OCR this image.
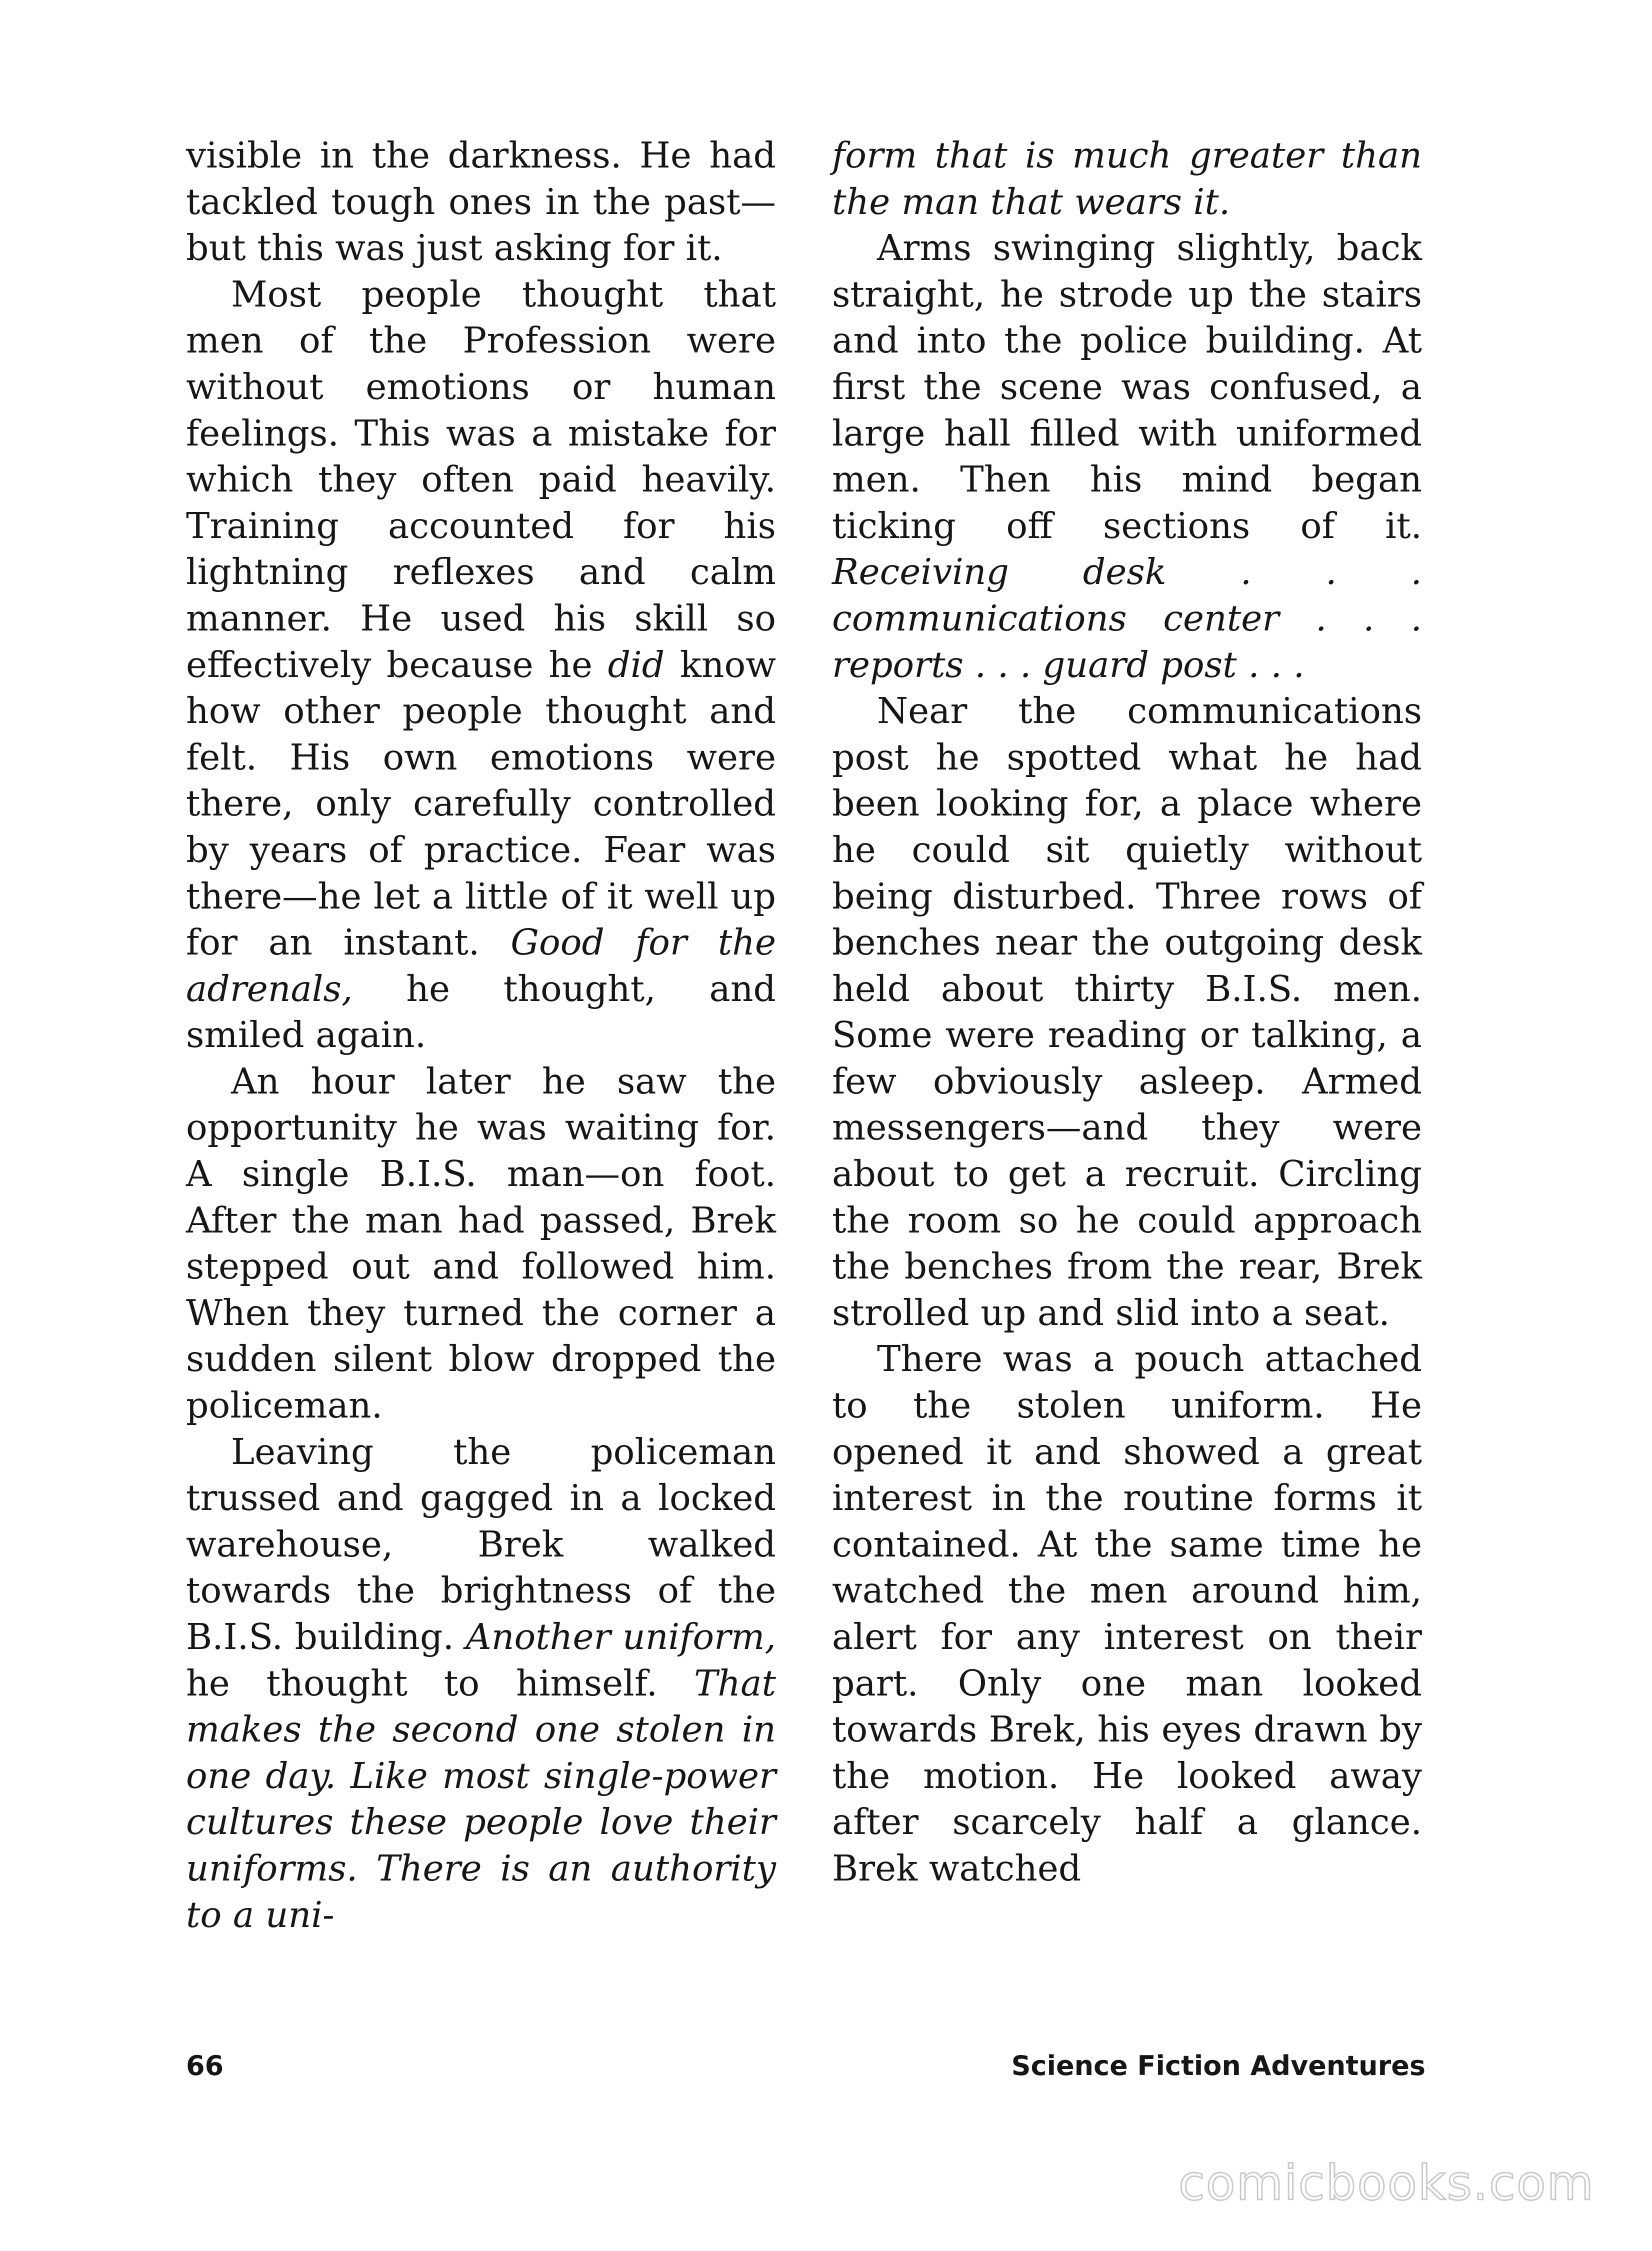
visible in the darkness. He had tackled tough ones in the past—but this was just asking for it.

Most people thought that men of the Profession were without emotions or human feelings. This was a mistake for which they often paid heavily. Training accounted for his lightning reflexes and calm manner. He used his skill so effectively because he did know how other people thought and felt. His own emotions were there, only carefully controlled by years of practice. Fear was there—he let a little of it well up for an instant. Good for the adrenals, he thought, and smiled again.

An hour later he saw the opportunity he was waiting for. A single B.I.S. man—on foot. After the man had passed, Brek stepped out and followed him. When they turned the corner a sudden silent blow dropped the policeman.

Leaving the policeman trussed and gagged in a locked warehouse, Brek walked towards the brightness of the B.I.S. building. Another uniform, he thought to himself. That makes the second one stolen in one day. Like most single-power cultures these people love their uniforms. There is an authority to a uni-

form that is much greater than the man that wears it.

Arms swinging slightly, back straight, he strode up the stairs and into the police building. At first the scene was confused, a large hall filled with uniformed men. Then his mind began ticking off sections of it. Receiving desk . . . communications center . . . reports . . . guard post . . .

Near the communications post he spotted what he had been looking for, a place where he could sit quietly without being disturbed. Three rows of benches near the outgoing desk held about thirty B.I.S. men. Some were reading or talking, a few obviously asleep. Armed messengers—and they were about to get a recruit. Circling the room so he could approach the benches from the rear, Brek strolled up and slid into a seat.

There was a pouch attached to the stolen uniform. He opened it and showed a great interest in the routine forms it contained. At the same time he watched the men around him, alert for any interest on their part. Only one man looked towards Brek, his eyes drawn by the motion. He looked away after scarcely half a glance. Brek watched

66	Science Fiction Adventures
comicbooks.com
